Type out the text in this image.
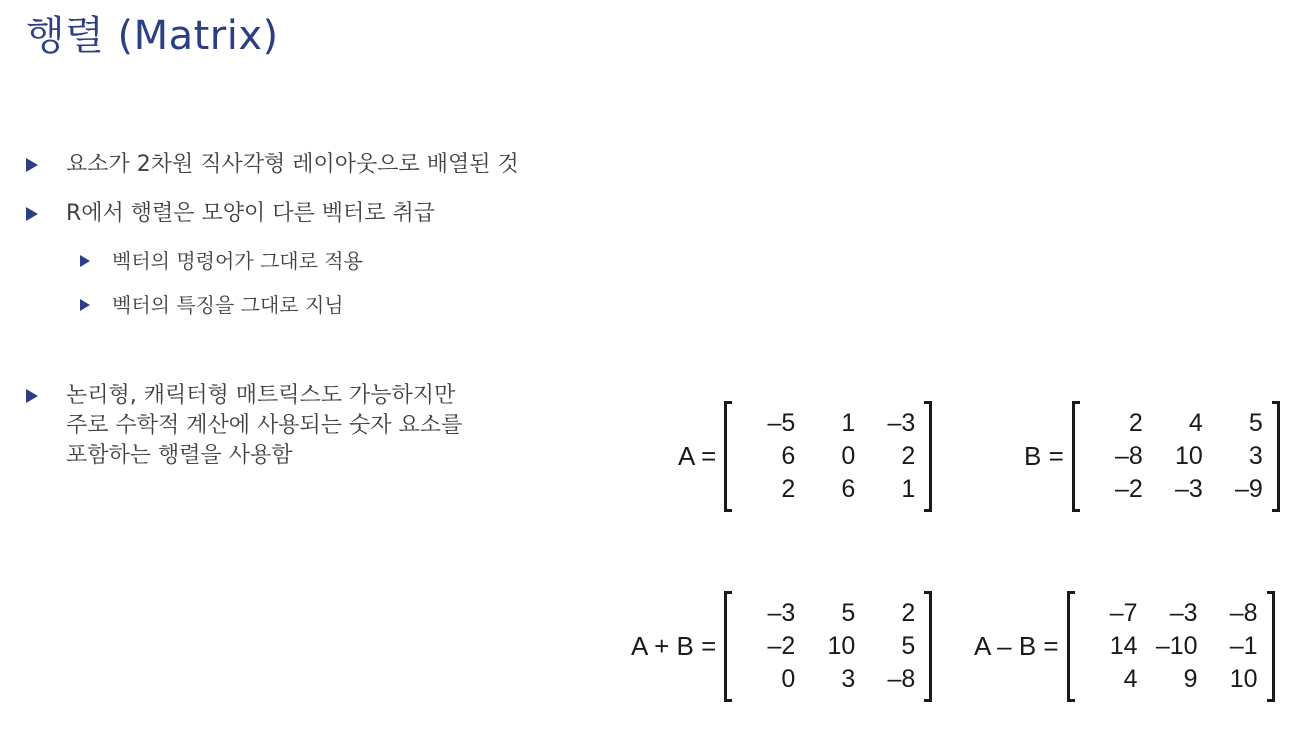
행렬 (Matrix)
요소가 2차원 직사각형 레이아웃으로 배열된 것
R에서 행렬은 모양이 다른 벡터로 취급
벡터의 명령어가 그대로 적용
벡터의 특징을 그대로 지님
논리형, 캐릭터형 매트릭스도 가능하지만
주로 수학적 계산에 사용되는 숫자 요소를
포함하는 행렬을 사용함	A =
–5	1	–3
6	0	2
2	6	1
B =
2	4	5
–8	10	3
–2	–3	–9
A + B =
–3	5	2
–2	10	5
0	3	–8
A – B =
–7	–3	–8
14 –10	–1
4	9	10
